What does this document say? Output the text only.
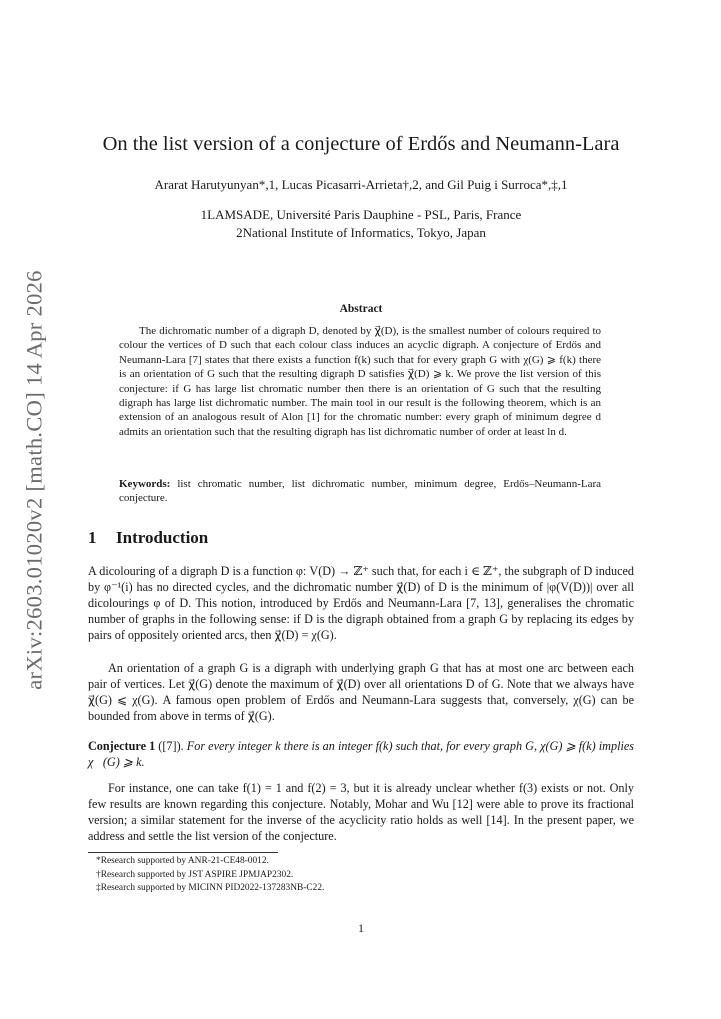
arXiv:2603.01020v2 [math.CO] 14 Apr 2026
On the list version of a conjecture of Erdős and Neumann-Lara
Ararat Harutyunyan*,1, Lucas Picasarri-Arrieta†,2, and Gil Puig i Surroca*,‡,1
1LAMSADE, Université Paris Dauphine - PSL, Paris, France
2National Institute of Informatics, Tokyo, Japan
Abstract

The dichromatic number of a digraph D, denoted by χ⃗(D), is the smallest number of colours required to colour the vertices of D such that each colour class induces an acyclic digraph. A conjecture of Erdős and Neumann-Lara [7] states that there exists a function f(k) such that for every graph G with χ(G) ⩾ f(k) there is an orientation of G such that the resulting digraph D satisfies χ⃗(D) ⩾ k. We prove the list version of this conjecture: if G has large list chromatic number then there is an orientation of G such that the resulting digraph has large list dichromatic number. The main tool in our result is the following theorem, which is an extension of an analogous result of Alon [1] for the chromatic number: every graph of minimum degree d admits an orientation such that the resulting digraph has list dichromatic number of order at least ln d.

Keywords: list chromatic number, list dichromatic number, minimum degree, Erdős–Neumann-Lara conjecture.

1 Introduction

A dicolouring of a digraph D is a function φ: V(D) → ℤ⁺ such that, for each i ∈ ℤ⁺, the subgraph of D induced by φ⁻¹(i) has no directed cycles, and the dichromatic number χ⃗(D) of D is the minimum of |φ(V(D))| over all dicolourings φ of D. This notion, introduced by Erdős and Neumann-Lara [7, 13], generalises the chromatic number of graphs in the following sense: if D is the digraph obtained from a graph G by replacing its edges by pairs of oppositely oriented arcs, then χ⃗(D) = χ(G).

An orientation of a graph G is a digraph with underlying graph G that has at most one arc between each pair of vertices. Let χ⃗(G) denote the maximum of χ⃗(D) over all orientations D of G. Note that we always have χ⃗(G) ⩽ χ(G). A famous open problem of Erdős and Neumann-Lara suggests that, conversely, χ(G) can be bounded from above in terms of χ⃗(G).

Conjecture 1 ([7]). For every integer k there is an integer f(k) such that, for every graph G, χ(G) ⩾ f(k) implies χ⃗(G) ⩾ k.

For instance, one can take f(1) = 1 and f(2) = 3, but it is already unclear whether f(3) exists or not. Only few results are known regarding this conjecture. Notably, Mohar and Wu [12] were able to prove its fractional version; a similar statement for the inverse of the acyclicity ratio holds as well [14]. In the present paper, we address and settle the list version of the conjecture.

*Research supported by ANR-21-CE48-0012.
†Research supported by JST ASPIRE JPMJAP2302.
‡Research supported by MICINN PID2022-137283NB-C22.
1
